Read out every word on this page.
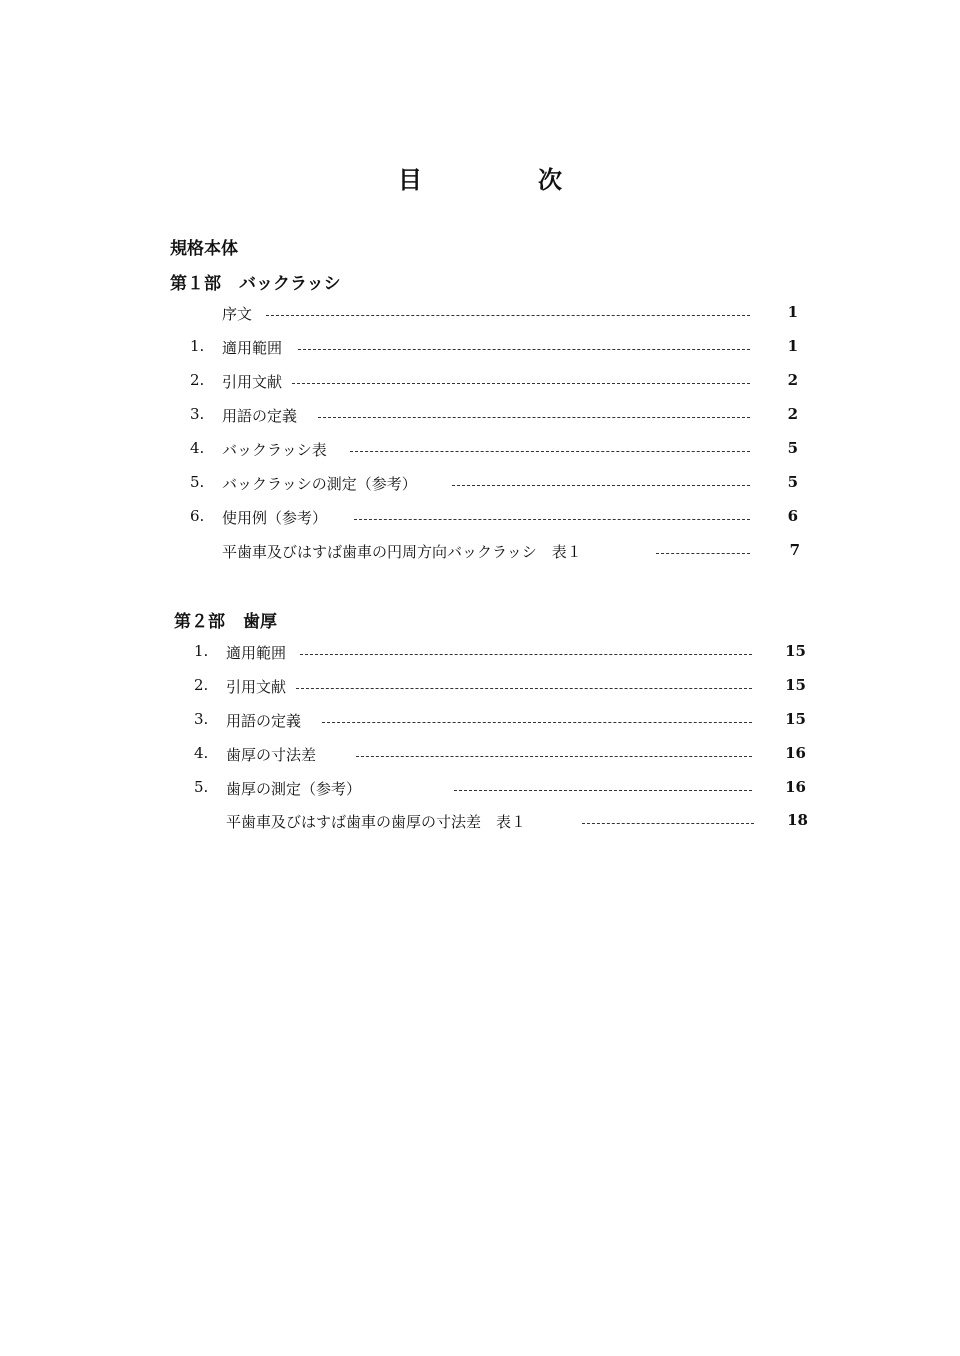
目　次
規格本体
第１部 バックラッシ
序文	1
1.	適用範囲	1
2.	引用文献	2
3.	用語の定義	2
4.	バックラッシ表	5
5.	バックラッシの測定（参考）	5
6.	使用例（参考）	6
平歯車及びはすば歯車の円周方向バックラッシ　表１	7
第２部 歯厚
1.	適用範囲	15
2.	引用文献	15
3.	用語の定義	15
4.	歯厚の寸法差	16
5.	歯厚の測定（参考）	16
平歯車及びはすば歯車の歯厚の寸法差　表１	18
